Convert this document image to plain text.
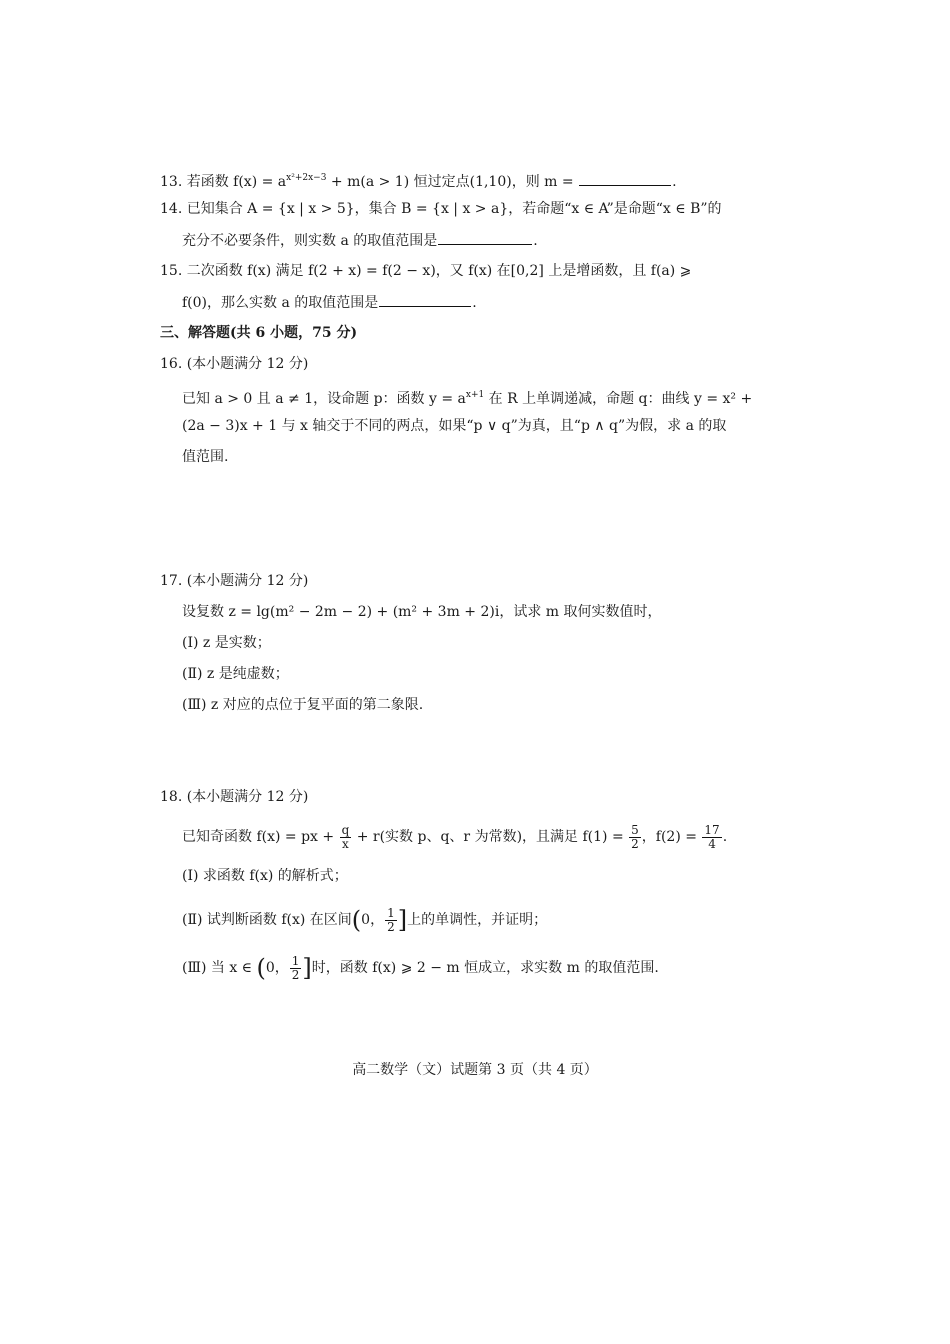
13. 若函数 $f(x) = a^{x^2+2x-3} + m(a > 1)$ 恒过定点(1,10)，则 m =	.
14. 已知集合 A = {x | x > 5}，集合 B = {x | x > a}，若命题“x ∈ A”是命题“x ∈ B”的
充分不必要条件，则实数 a 的取值范围是	.
15. 二次函数 f(x) 满足 f(2 + x) = f(2 − x)，又 f(x) 在[0,2] 上是增函数，且 f(a) ⩾
f(0)，那么实数 a 的取值范围是	.
三、解答题(共 6 小题，75 分)
16. (本小题满分 12 分)
已知 a > 0 且 a ≠ 1，设命题 p：函数 $y = a^{x+1}$ 在 R 上单调递减，命题 q：曲线 y = x² +
(2a − 3)x + 1 与 x 轴交于不同的两点，如果“p ∨ q”为真，且“p ∧ q”为假，求 a 的取
值范围.
17. (本小题满分 12 分)
设复数 z = lg(m² − 2m − 2) + (m² + 3m + 2)i，试求 m 取何实数值时，
(Ⅰ) z 是实数；
(Ⅱ) z 是纯虚数；
(Ⅲ) z 对应的点位于复平面的第二象限.
18. (本小题满分 12 分)
已知奇函数 f(x) = px + $\frac{q}{x} + r$(实数 p、q、r 为常数)，且满足 $f(1) = \frac{5}{2}$ ，$f(2) = \frac{17}{4}$ .
(Ⅰ) 求函数 f(x) 的解析式；
(Ⅱ) 试判断函数 f(x) 在区间(0， $\frac{1}{2}$ ]上的单调性，并证明；
(Ⅲ) 当 x ∈ (0， $\frac{1}{2}$ ]时，函数 f(x) ⩾ 2 − m 恒成立，求实数 m 的取值范围.
高二数学（文）试题第 3 页（共 4 页）
